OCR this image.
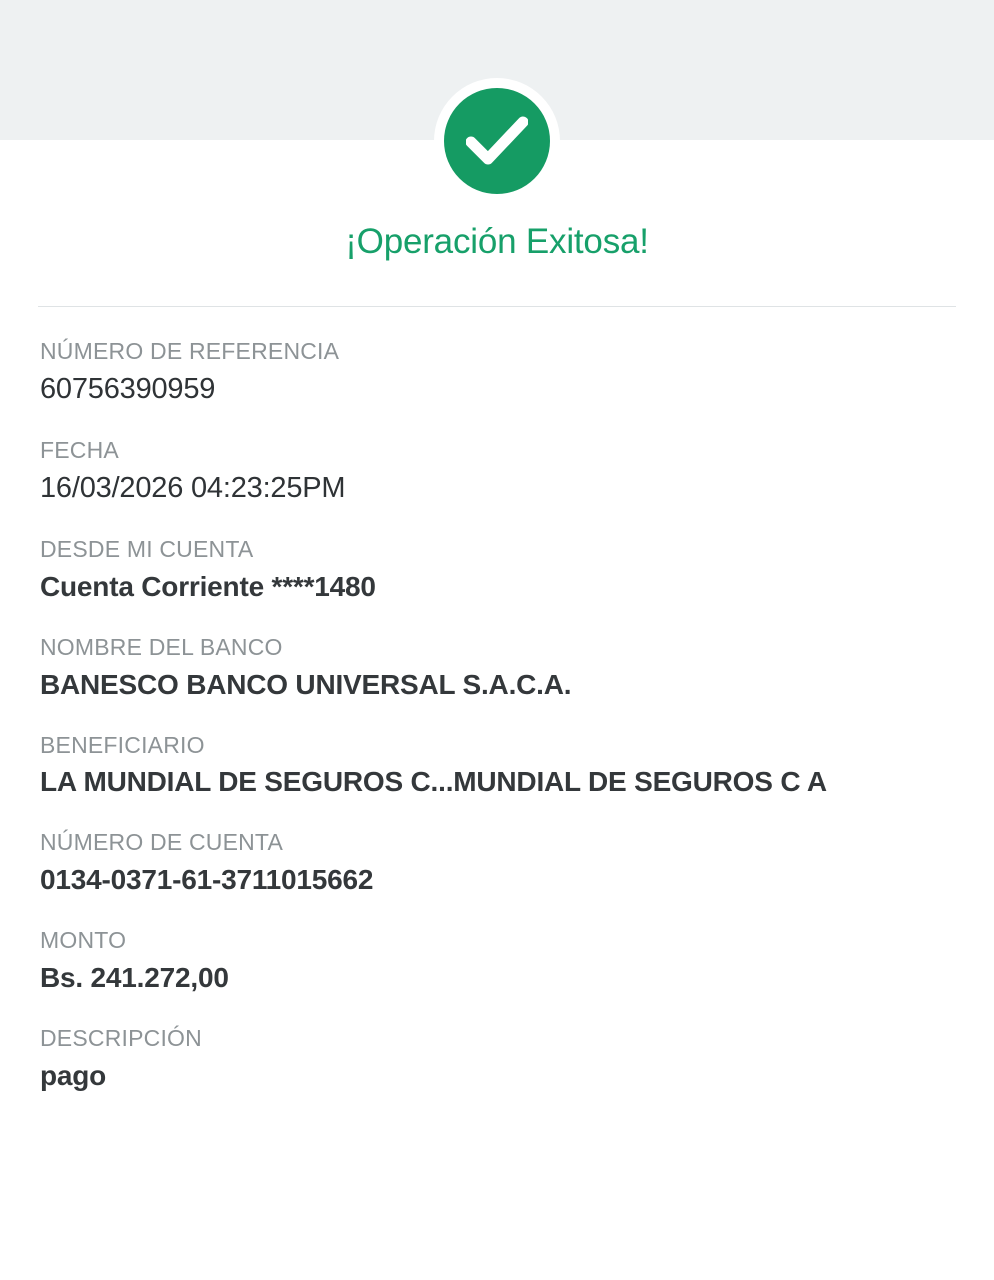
¡Operación Exitosa!
NÚMERO DE REFERENCIA
60756390959
FECHA
16/03/2026 04:23:25PM
DESDE MI CUENTA
Cuenta Corriente ****1480
NOMBRE DEL BANCO
BANESCO BANCO UNIVERSAL S.A.C.A.
BENEFICIARIO
LA MUNDIAL DE SEGUROS C...MUNDIAL DE SEGUROS C A
NÚMERO DE CUENTA
0134-0371-61-3711015662
MONTO
Bs. 241.272,00
DESCRIPCIÓN
pago
